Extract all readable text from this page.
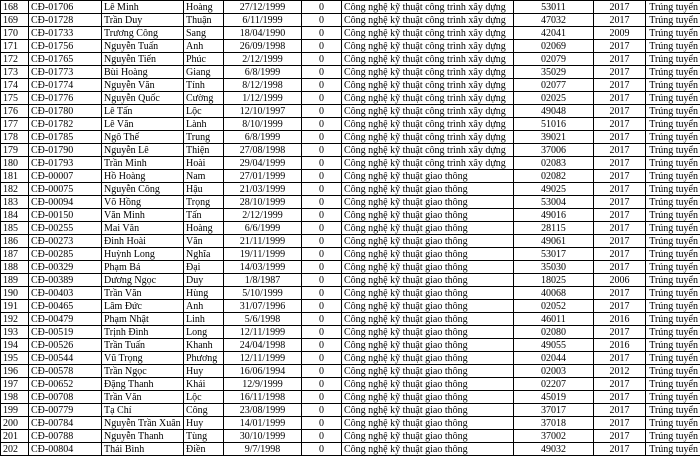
168	CĐ-01706	Lê Minh	Hoàng	27/12/1999	0	Công nghệ kỹ thuật công trình xây dựng	53011	2017	Trúng tuyển
169	CĐ-01728	Trần Duy	Thuận	6/11/1999	0	Công nghệ kỹ thuật công trình xây dựng	47032	2017	Trúng tuyển
170	CĐ-01733	Trương Công	Sang	18/04/1990	0	Công nghệ kỹ thuật công trình xây dựng	42041	2009	Trúng tuyển
171	CĐ-01756	Nguyễn Tuấn	Anh	26/09/1998	0	Công nghệ kỹ thuật công trình xây dựng	02069	2017	Trúng tuyển
172	CĐ-01765	Nguyễn Tiến	Phúc	2/12/1999	0	Công nghệ kỹ thuật công trình xây dựng	02079	2017	Trúng tuyển
173	CĐ-01773	Bùi Hoàng	Giang	6/8/1999	0	Công nghệ kỹ thuật công trình xây dựng	35029	2017	Trúng tuyển
174	CĐ-01774	Nguyễn Văn	Tính	8/12/1998	0	Công nghệ kỹ thuật công trình xây dựng	02077	2017	Trúng tuyển
175	CĐ-01776	Nguyễn Quốc	Cường	1/12/1999	0	Công nghệ kỹ thuật công trình xây dựng	02025	2017	Trúng tuyển
176	CĐ-01780	Lê Tấn	Lộc	12/10/1997	0	Công nghệ kỹ thuật công trình xây dựng	49048	2017	Trúng tuyển
177	CĐ-01782	Lê Văn	Lành	8/10/1999	0	Công nghệ kỹ thuật công trình xây dựng	51016	2017	Trúng tuyển
178	CĐ-01785	Ngô Thế	Trung	6/8/1999	0	Công nghệ kỹ thuật công trình xây dựng	39021	2017	Trúng tuyển
179	CĐ-01790	Nguyễn Lê	Thiện	27/08/1998	0	Công nghệ kỹ thuật công trình xây dựng	37006	2017	Trúng tuyển
180	CĐ-01793	Trần Minh	Hoài	29/04/1999	0	Công nghệ kỹ thuật công trình xây dựng	02083	2017	Trúng tuyển
181	CĐ-00007	Hồ Hoàng	Nam	27/01/1999	0	Công nghệ kỹ thuật giao thông	02082	2017	Trúng tuyển
182	CĐ-00075	Nguyễn Công	Hậu	21/03/1999	0	Công nghệ kỹ thuật giao thông	49025	2017	Trúng tuyển
183	CĐ-00094	Võ Hồng	Trọng	28/10/1999	0	Công nghệ kỹ thuật giao thông	53004	2017	Trúng tuyển
184	CĐ-00150	Văn Minh	Tấn	2/12/1999	0	Công nghệ kỹ thuật giao thông	49016	2017	Trúng tuyển
185	CĐ-00255	Mai Văn	Hoàng	6/6/1999	0	Công nghệ kỹ thuật giao thông	28115	2017	Trúng tuyển
186	CĐ-00273	Đinh Hoài	Văn	21/11/1999	0	Công nghệ kỹ thuật giao thông	49061	2017	Trúng tuyển
187	CĐ-00285	Huỳnh Long	Nghĩa	19/11/1999	0	Công nghệ kỹ thuật giao thông	53017	2017	Trúng tuyển
188	CĐ-00329	Phạm Bá	Đại	14/03/1999	0	Công nghệ kỹ thuật giao thông	35030	2017	Trúng tuyển
189	CĐ-00389	Dương Ngọc	Duy	1/8/1987	0	Công nghệ kỹ thuật giao thông	18025	2006	Trúng tuyển
190	CĐ-00403	Trần Văn	Hùng	5/10/1999	0	Công nghệ kỹ thuật giao thông	40068	2017	Trúng tuyển
191	CĐ-00465	Lâm Đức	Anh	31/07/1996	0	Công nghệ kỹ thuật giao thông	02052	2017	Trúng tuyển
192	CĐ-00479	Phạm Nhật	Linh	5/6/1998	0	Công nghệ kỹ thuật giao thông	46011	2016	Trúng tuyển
193	CĐ-00519	Trịnh Đình	Long	12/11/1999	0	Công nghệ kỹ thuật giao thông	02080	2017	Trúng tuyển
194	CĐ-00526	Trần Tuấn	Khanh	24/04/1998	0	Công nghệ kỹ thuật giao thông	49055	2016	Trúng tuyển
195	CĐ-00544	Vũ Trọng	Phương	12/11/1999	0	Công nghệ kỹ thuật giao thông	02044	2017	Trúng tuyển
196	CĐ-00578	Trần Ngọc	Huy	16/06/1994	0	Công nghệ kỹ thuật giao thông	02003	2012	Trúng tuyển
197	CĐ-00652	Đặng Thanh	Khải	12/9/1999	0	Công nghệ kỹ thuật giao thông	02207	2017	Trúng tuyển
198	CĐ-00708	Trần Văn	Lộc	16/11/1998	0	Công nghệ kỹ thuật giao thông	45019	2017	Trúng tuyển
199	CĐ-00779	Tạ Chí	Công	23/08/1999	0	Công nghệ kỹ thuật giao thông	37017	2017	Trúng tuyển
200	CĐ-00784	Nguyễn Trần Xuân	Huy	14/01/1999	0	Công nghệ kỹ thuật giao thông	37018	2017	Trúng tuyển
201	CĐ-00788	Nguyễn Thanh	Tùng	30/10/1999	0	Công nghệ kỹ thuật giao thông	37002	2017	Trúng tuyển
202	CĐ-00804	Thái Bình	Điền	9/7/1998	0	Công nghệ kỹ thuật giao thông	49032	2017	Trúng tuyển
